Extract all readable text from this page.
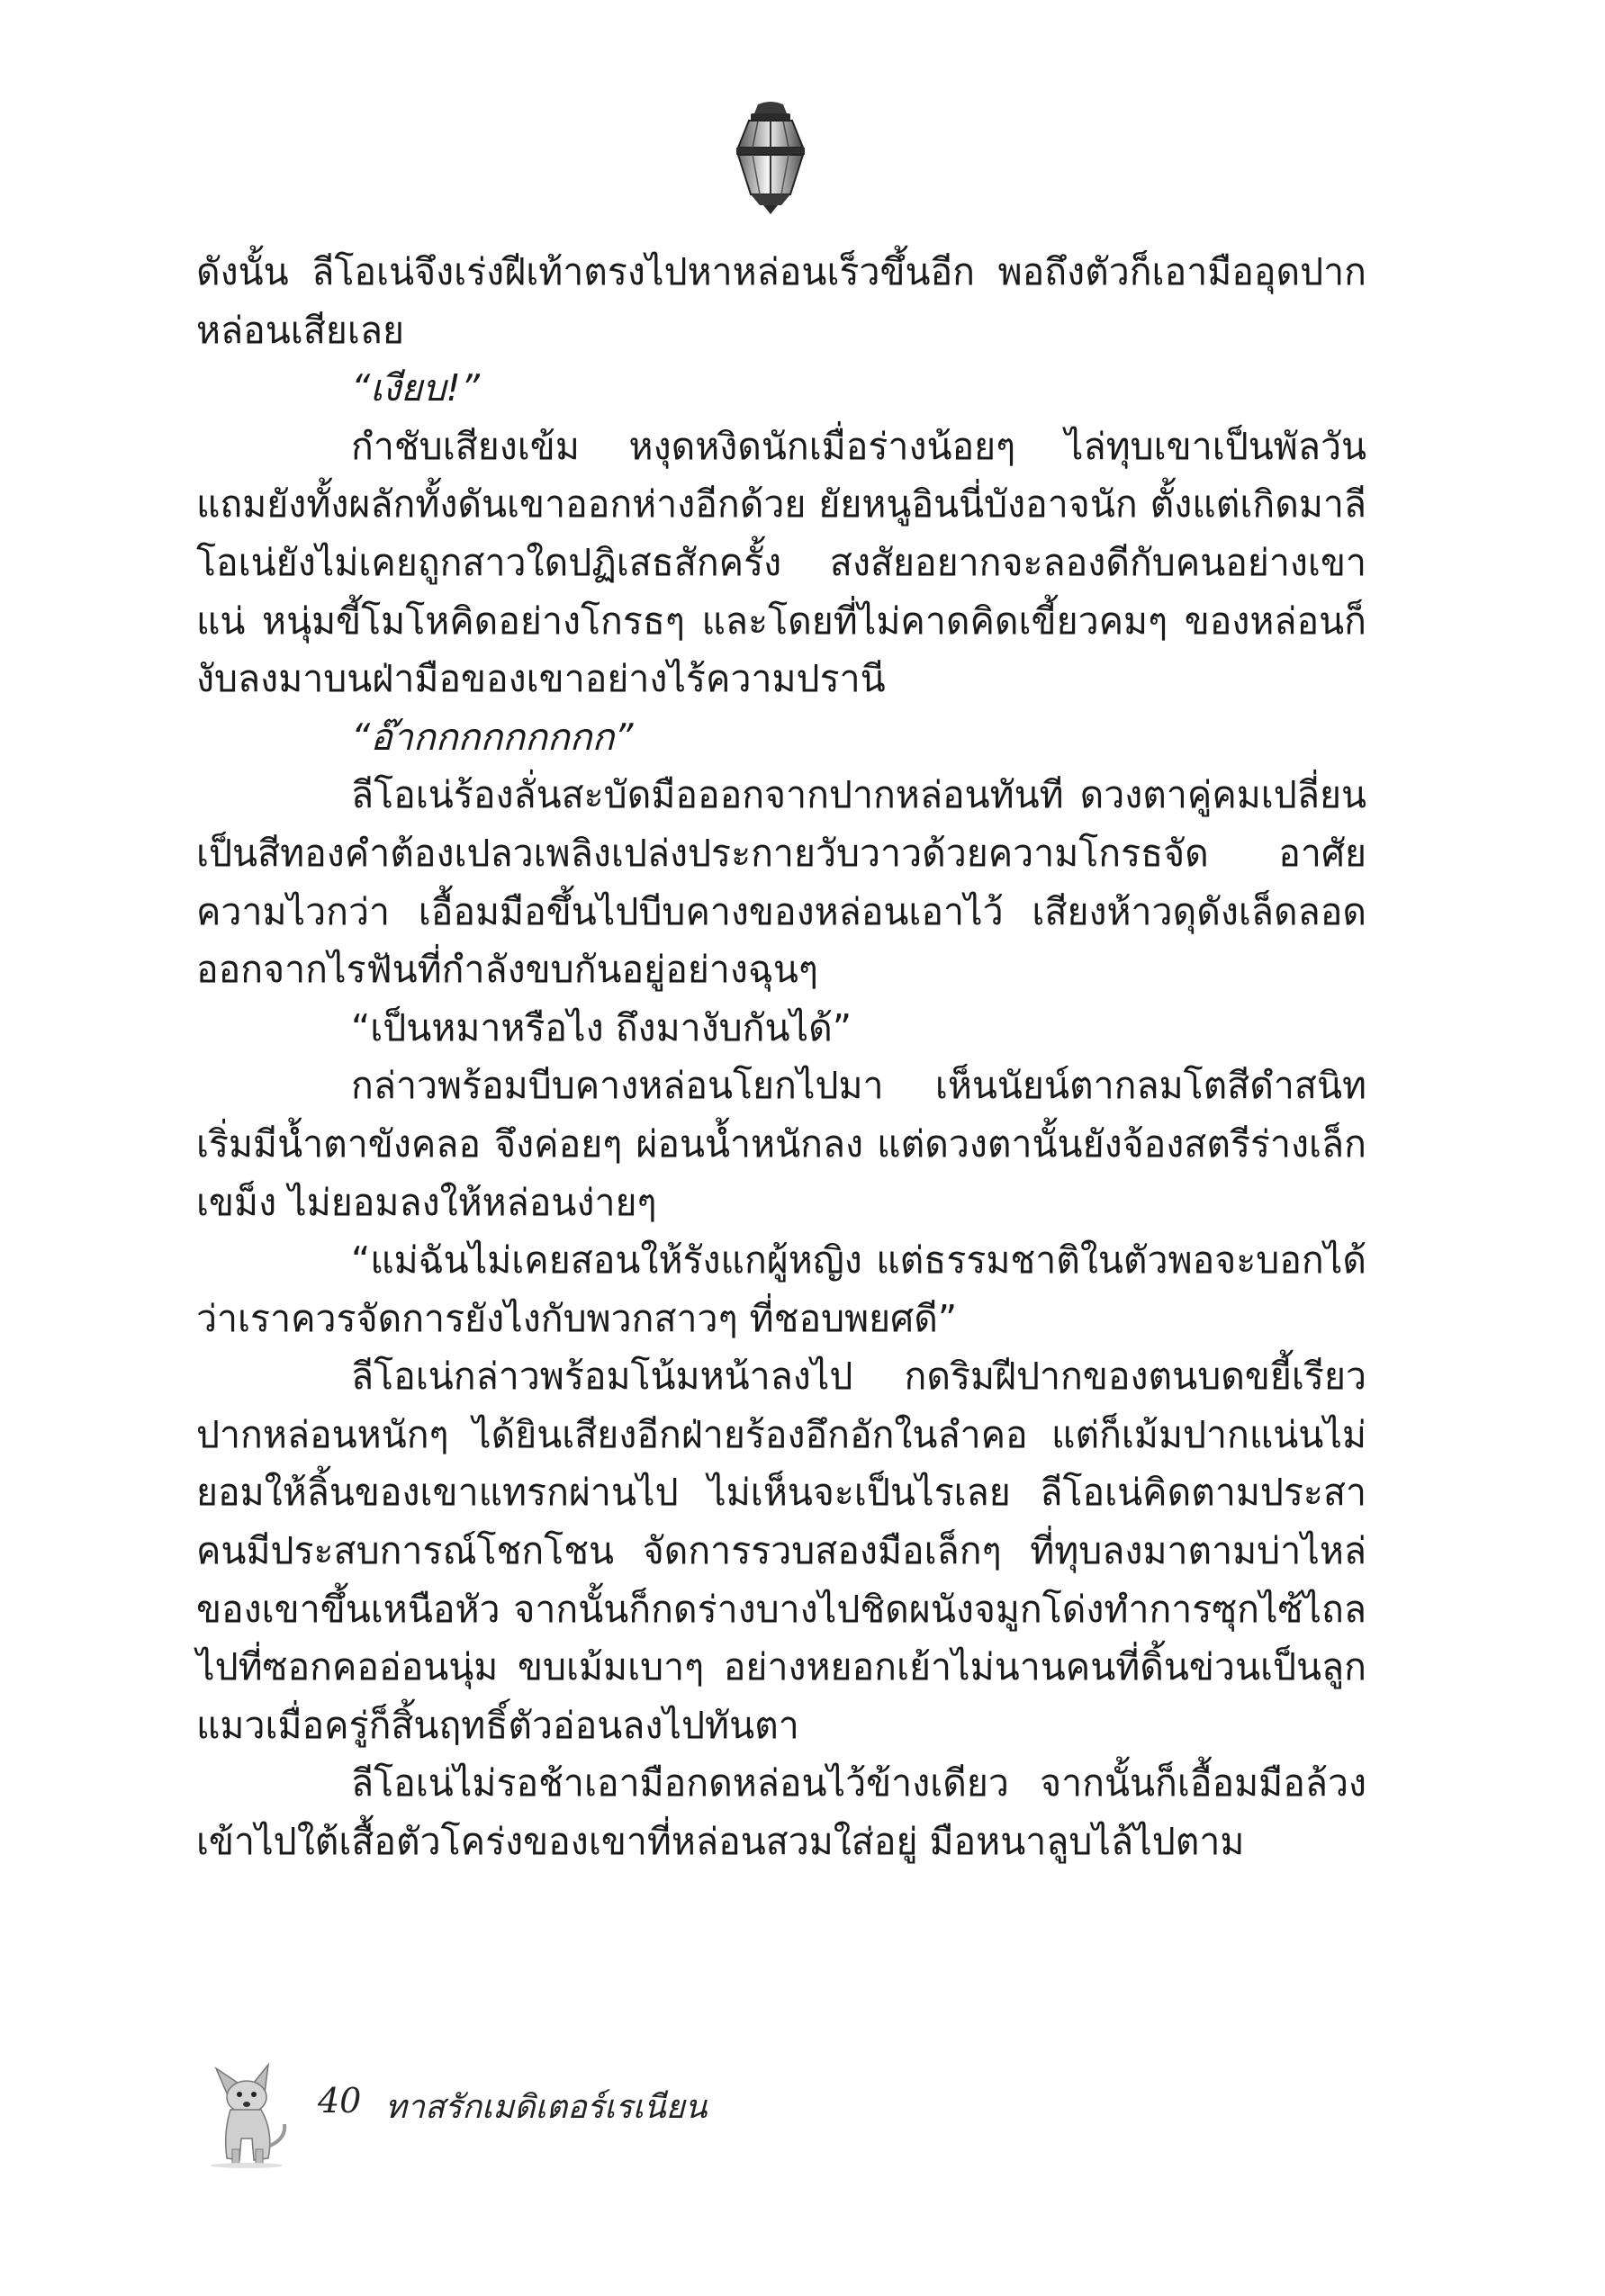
ดังนั้น ลีโอเน่จึงเร่งฝีเท้าตรงไปหาหล่อนเร็วขึ้นอีก พอถึงตัวก็เอามืออุดปากหล่อนเสียเลย

“เงียบ!”

กำชับเสียงเข้ม หงุดหงิดนักเมื่อร่างน้อยๆ ไล่ทุบเขาเป็นพัลวัน แถมยังทั้งผลักทั้งดันเขาออกห่างอีกด้วย ยัยหนูอินนี่บังอาจนัก ตั้งแต่เกิดมาลีโอเน่ยังไม่เคยถูกสาวใดปฏิเสธสักครั้ง สงสัยอยากจะลองดีกับคนอย่างเขาแน่ หนุ่มขี้โมโหคิดอย่างโกรธๆ และโดยที่ไม่คาดคิดเขี้ยวคมๆ ของหล่อนก็งับลงมาบนฝ่ามือของเขาอย่างไร้ความปรานี

“อ๊ากกกกกกกกก”

ลีโอเน่ร้องลั่นสะบัดมือออกจากปากหล่อนทันที ดวงตาคู่คมเปลี่ยนเป็นสีทองคำต้องเปลวเพลิงเปล่งประกายวับวาวด้วยความโกรธจัด อาศัยความไวกว่า เอื้อมมือขึ้นไปบีบคางของหล่อนเอาไว้ เสียงห้าวดุดังเล็ดลอดออกจากไรฟันที่กำลังขบกันอยู่อย่างฉุนๆ

“เป็นหมาหรือไง ถึงมางับกันได้”

กล่าวพร้อมบีบคางหล่อนโยกไปมา เห็นนัยน์ตากลมโตสีดำสนิทเริ่มมีน้ำตาขังคลอ จึงค่อยๆ ผ่อนน้ำหนักลง แต่ดวงตานั้นยังจ้องสตรีร่างเล็กเขม็ง ไม่ยอมลงให้หล่อนง่ายๆ

“แม่ฉันไม่เคยสอนให้รังแกผู้หญิง แต่ธรรมชาติในตัวพอจะบอกได้ว่าเราควรจัดการยังไงกับพวกสาวๆ ที่ชอบพยศดี”

ลีโอเน่กล่าวพร้อมโน้มหน้าลงไป กดริมฝีปากของตนบดขยี้เรียวปากหล่อนหนักๆ ได้ยินเสียงอีกฝ่ายร้องอึกอักในลำคอ แต่ก็เม้มปากแน่นไม่ยอมให้ลิ้นของเขาแทรกผ่านไป ไม่เห็นจะเป็นไรเลย ลีโอเน่คิดตามประสาคนมีประสบการณ์โชกโชน จัดการรวบสองมือเล็กๆ ที่ทุบลงมาตามบ่าไหล่ของเขาขึ้นเหนือหัว จากนั้นก็กดร่างบางไปชิดผนังจมูกโด่งทำการซุกไซ้ไถลไปที่ซอกคออ่อนนุ่ม ขบเม้มเบาๆ อย่างหยอกเย้าไม่นานคนที่ดิ้นข่วนเป็นลูกแมวเมื่อครู่ก็สิ้นฤทธิ์ตัวอ่อนลงไปทันตา

ลีโอเน่ไม่รอช้าเอามือกดหล่อนไว้ข้างเดียว จากนั้นก็เอื้อมมือล้วงเข้าไปใต้เสื้อตัวโคร่งของเขาที่หล่อนสวมใส่อยู่ มือหนาลูบไล้ไปตาม

40 ทาสรักเมดิเตอร์เรเนียน
